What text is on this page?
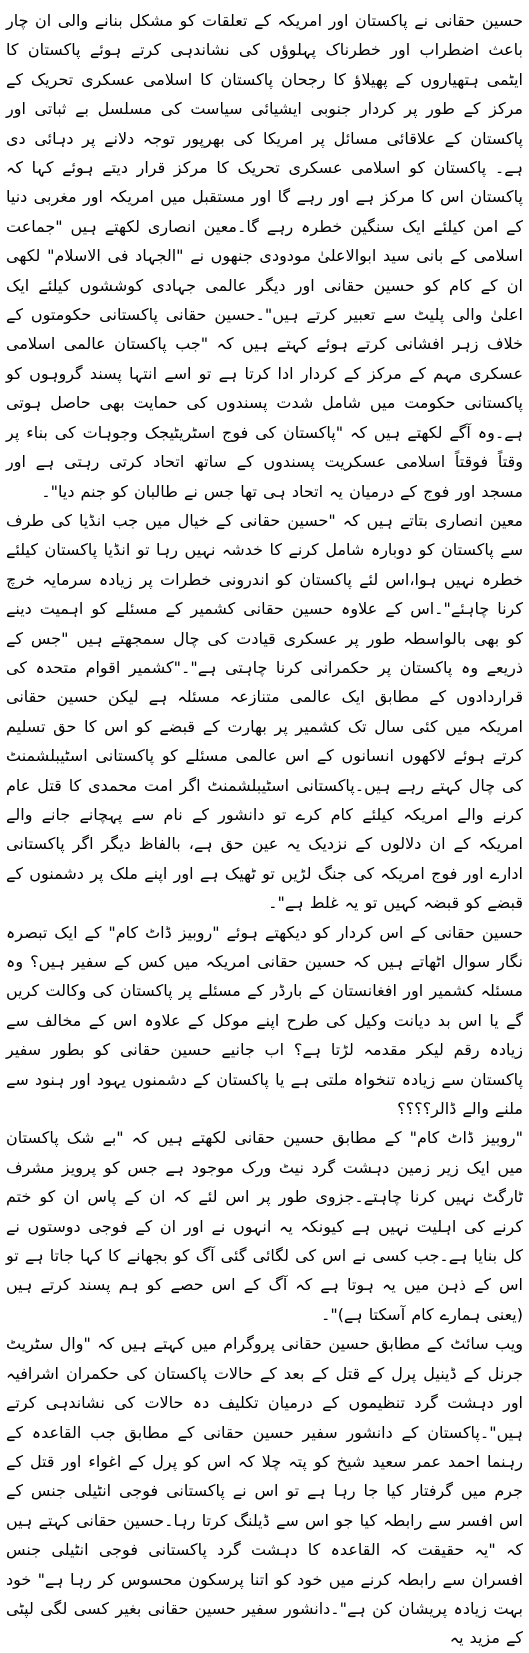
حسین حقانی نے پاکستان اور امریکہ کے تعلقات کو مشکل بنانے والی ان چار باعث اضطراب اور خطرناک پہلوؤں کی نشاندہی کرتے ہوئے پاکستان کا ایٹمی ہتھیاروں کے پھیلاؤ کا رجحان پاکستان کا اسلامی عسکری تحریک کے مرکز کے طور پر کردار جنوبی ایشیائی سیاست کی مسلسل بے ثباتی اور پاکستان کے علاقائی مسائل پر امریکا کی بھرپور توجہ دلانے پر دہائی دی ہے۔ پاکستان کو اسلامی عسکری تحریک کا مرکز قرار دیتے ہوئے کہا کہ پاکستان اس کا مرکز ہے اور رہے گا اور مستقبل میں امریکہ اور مغربی دنیا کے امن کیلئے ایک سنگین خطرہ رہے گا۔معین انصاری لکھتے ہیں "جماعت اسلامی کے بانی سید ابوالاعلیٰ مودودی جنھوں نے "الجہاد فی الاسلام" لکھی ان کے کام کو حسین حقانی اور دیگر عالمی جہادی کوششوں کیلئے ایک اعلیٰ والی پلیٹ سے تعبیر کرتے ہیں"۔حسین حقانی پاکستانی حکومتوں کے خلاف زہر افشانی کرتے ہوئے کہتے ہیں کہ "جب پاکستان عالمی اسلامی عسکری مہم کے مرکز کے کردار ادا کرتا ہے تو اسے انتہا پسند گروہوں کو پاکستانی حکومت میں شامل شدت پسندوں کی حمایت بھی حاصل ہوتی ہے۔وہ آگے لکھتے ہیں کہ "پاکستان کی فوج اسٹریٹیجک وجوہات کی بناء پر وقتاً فوقتاً اسلامی عسکریت پسندوں کے ساتھ اتحاد کرتی رہتی ہے اور مسجد اور فوج کے درمیان یہ اتحاد ہی تھا جس نے طالبان کو جنم دیا"۔

معین انصاری بتاتے ہیں کہ "حسین حقانی کے خیال میں جب انڈیا کی طرف سے پاکستان کو دوبارہ شامل کرنے کا خدشہ نہیں رہا تو انڈیا پاکستان کیلئے خطرہ نہیں ہوا،اس لئے پاکستان کو اندرونی خطرات پر زیادہ سرمایہ خرچ کرنا چاہئے"۔اس کے علاوہ حسین حقانی کشمیر کے مسئلے کو اہمیت دینے کو بھی بالواسطہ طور پر عسکری قیادت کی چال سمجھتے ہیں "جس کے ذریعے وہ پاکستان پر حکمرانی کرنا چاہتی ہے"۔"کشمیر اقوام متحدہ کی قراردادوں کے مطابق ایک عالمی متنازعہ مسئلہ ہے لیکن حسین حقانی امریکہ میں کئی سال تک کشمیر پر بھارت کے قبضے کو اس کا حق تسلیم کرتے ہوئے لاکھوں انسانوں کے اس عالمی مسئلے کو پاکستانی اسٹیبلشمنٹ کی چال کہتے رہے ہیں۔پاکستانی اسٹیبلشمنٹ اگر امت محمدی کا قتل عام کرنے والے امریکہ کیلئے کام کرے تو دانشور کے نام سے پہچانے جانے والے امریکہ کے ان دلالوں کے نزدیک یہ عین حق ہے، بالفاظ دیگر اگر پاکستانی ادارے اور فوج امریکہ کی جنگ لڑیں تو ٹھیک ہے اور اپنے ملک پر دشمنوں کے قبضے کو قبضہ کہیں تو یہ غلط ہے"۔

حسین حقانی کے اس کردار کو دیکھتے ہوئے "روبیز ڈاٹ کام" کے ایک تبصرہ نگار سوال اٹھاتے ہیں کہ حسین حقانی امریکہ میں کس کے سفیر ہیں؟ وہ مسئلہ کشمیر اور افغانستان کے بارڈر کے مسئلے پر پاکستان کی وکالت کریں گے یا اس بد دیانت وکیل کی طرح اپنے موکل کے علاوہ اس کے مخالف سے زیادہ رقم لیکر مقدمہ لڑتا ہے؟ اب جانیے حسین حقانی کو بطور سفیر پاکستان سے زیادہ تنخواہ ملتی ہے یا پاکستان کے دشمنوں یہود اور ہنود سے ملنے والے ڈالر؟؟؟؟

"روبیز ڈاٹ کام" کے مطابق حسین حقانی لکھتے ہیں کہ "بے شک پاکستان میں ایک زیر زمین دہشت گرد نیٹ ورک موجود ہے جس کو پرویز مشرف ٹارگٹ نہیں کرنا چاہتے۔جزوی طور پر اس لئے کہ ان کے پاس ان کو ختم کرنے کی اہلیت نہیں ہے کیونکہ یہ انہوں نے اور ان کے فوجی دوستوں نے کل بنایا ہے۔جب کسی نے اس کی لگائی گئی آگ کو بجھانے کا کہا جاتا ہے تو اس کے ذہن میں یہ ہوتا ہے کہ آگ کے اس حصے کو ہم پسند کرتے ہیں (یعنی ہمارے کام آسکتا ہے)"۔

ویب سائٹ کے مطابق حسین حقانی پروگرام میں کہتے ہیں کہ "وال سٹریٹ جرنل کے ڈینیل پرل کے قتل کے بعد کے حالات پاکستان کی حکمران اشرافیہ اور دہشت گرد تنظیموں کے درمیان تکلیف دہ حالات کی نشاندہی کرتے ہیں"۔پاکستان کے دانشور سفیر حسین حقانی کے مطابق جب القاعدہ کے رہنما احمد عمر سعید شیخ کو پتہ چلا کہ اس کو پرل کے اغواء اور قتل کے جرم میں گرفتار کیا جا رہا ہے تو اس نے پاکستانی فوجی انٹیلی جنس کے اس افسر سے رابطہ کیا جو اس سے ڈیلنگ کرتا رہا۔حسین حقانی کہتے ہیں کہ "یہ حقیقت کہ القاعدہ کا دہشت گرد پاکستانی فوجی انٹیلی جنس افسران سے رابطہ کرنے میں خود کو اتنا پرسکون محسوس کر رہا ہے" خود بہت زیادہ پریشان کن ہے"۔دانشور سفیر حسین حقانی بغیر کسی لگی لپٹی کے مزید یہ
